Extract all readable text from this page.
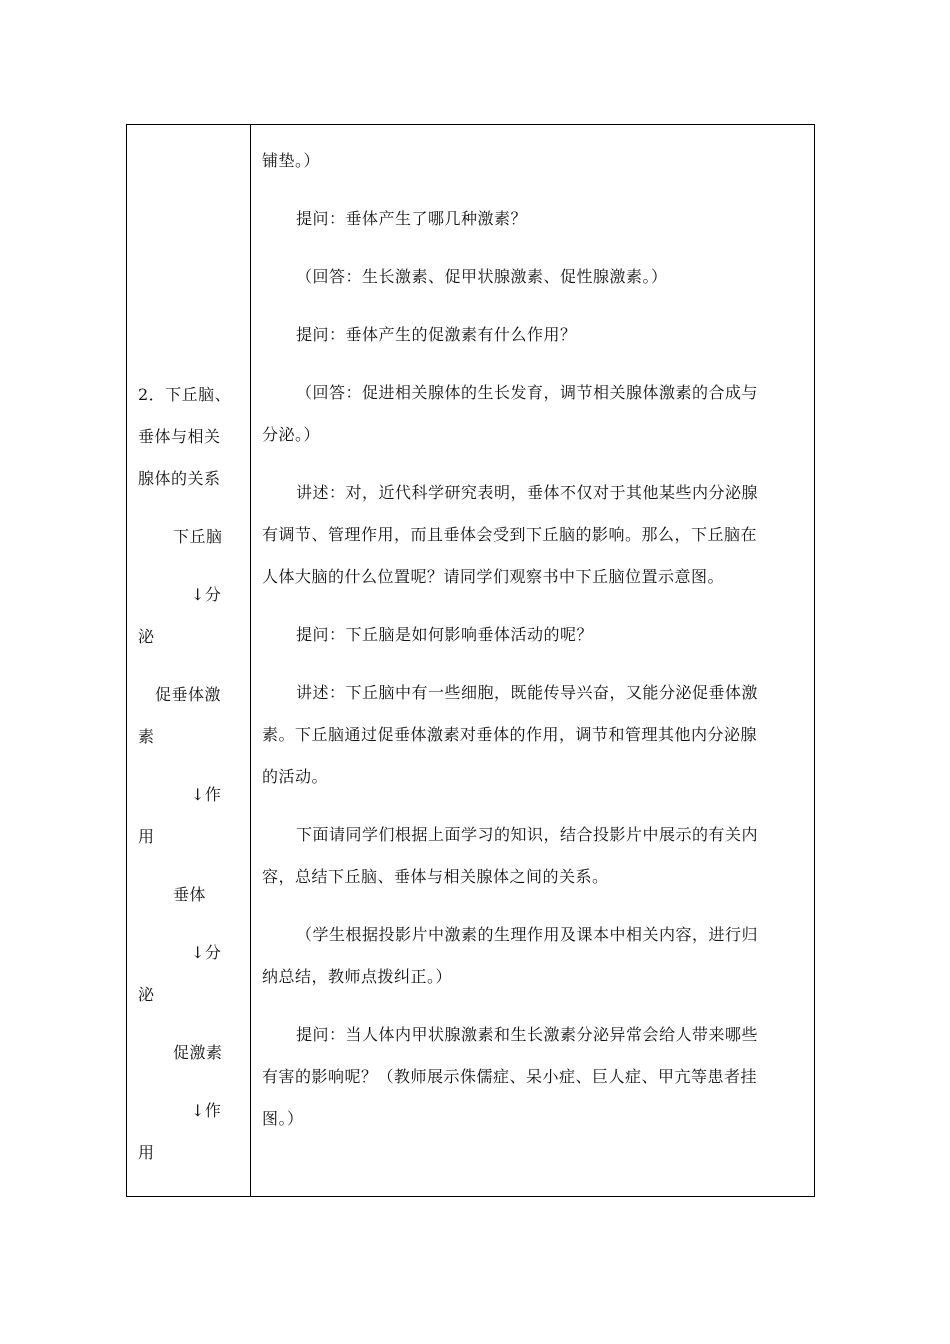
2．下丘脑、
垂体与相关
腺体的关系
下丘脑
↓分
泌
促垂体激
素
↓作
用
垂体
↓分
泌
促激素
↓作
用
铺垫。）
提问：垂体产生了哪几种激素？
（回答：生长激素、促甲状腺激素、促性腺激素。）
提问：垂体产生的促激素有什么作用？
（回答：促进相关腺体的生长发育，调节相关腺体激素的合成与
分泌。）
讲述：对，近代科学研究表明，垂体不仅对于其他某些内分泌腺
有调节、管理作用，而且垂体会受到下丘脑的影响。那么，下丘脑在
人体大脑的什么位置呢？请同学们观察书中下丘脑位置示意图。
提问：下丘脑是如何影响垂体活动的呢？
讲述：下丘脑中有一些细胞，既能传导兴奋，又能分泌促垂体激
素。下丘脑通过促垂体激素对垂体的作用，调节和管理其他内分泌腺
的活动。
下面请同学们根据上面学习的知识，结合投影片中展示的有关内
容，总结下丘脑、垂体与相关腺体之间的关系。
（学生根据投影片中激素的生理作用及课本中相关内容，进行归
纳总结，教师点拨纠正。）
提问：当人体内甲状腺激素和生长激素分泌异常会给人带来哪些
有害的影响呢？（教师展示侏儒症、呆小症、巨人症、甲亢等患者挂
图。）
